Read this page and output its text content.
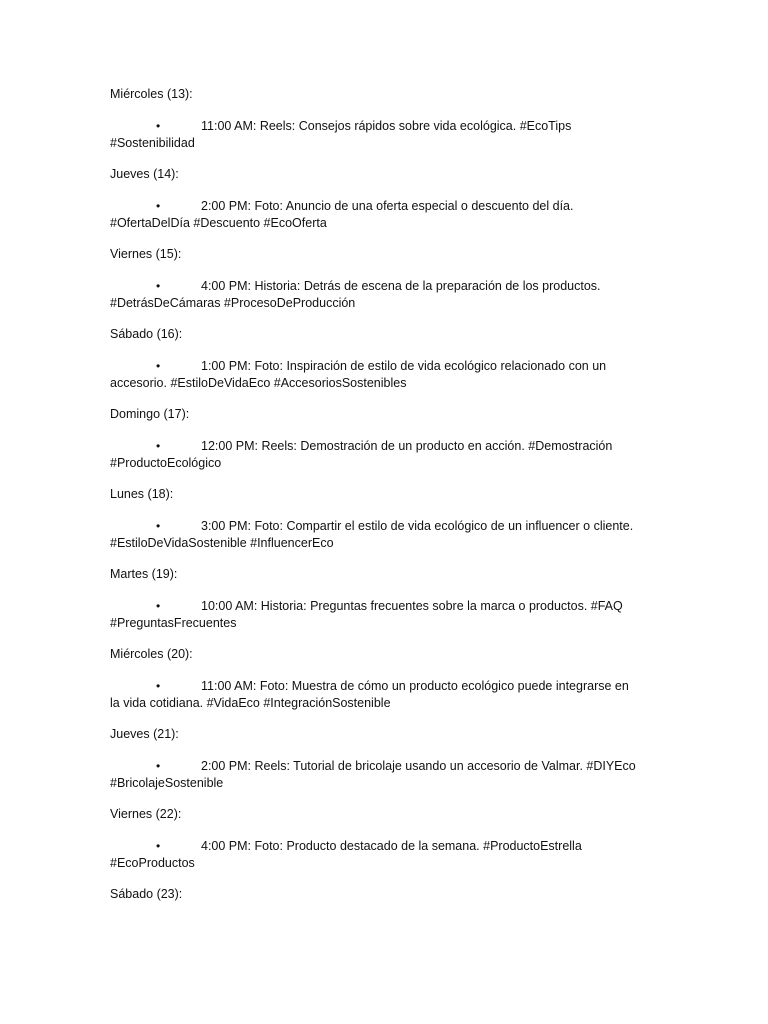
Miércoles (13):

•	11:00 AM: Reels: Consejos rápidos sobre vida ecológica. #EcoTips
#Sostenibilidad

Jueves (14):

•	2:00 PM: Foto: Anuncio de una oferta especial o descuento del día.
#OfertaDelDía #Descuento #EcoOferta

Viernes (15):

•	4:00 PM: Historia: Detrás de escena de la preparación de los productos.
#DetrásDeCámaras #ProcesoDeProducción

Sábado (16):

•	1:00 PM: Foto: Inspiración de estilo de vida ecológico relacionado con un
accesorio. #EstiloDeVidaEco #AccesoriosSostenibles

Domingo (17):

•	12:00 PM: Reels: Demostración de un producto en acción. #Demostración
#ProductoEcológico

Lunes (18):

•	3:00 PM: Foto: Compartir el estilo de vida ecológico de un influencer o cliente.
#EstiloDeVidaSostenible #InfluencerEco

Martes (19):

•	10:00 AM: Historia: Preguntas frecuentes sobre la marca o productos. #FAQ
#PreguntasFrecuentes

Miércoles (20):

•	11:00 AM: Foto: Muestra de cómo un producto ecológico puede integrarse en
la vida cotidiana. #VidaEco #IntegraciónSostenible

Jueves (21):

•	2:00 PM: Reels: Tutorial de bricolaje usando un accesorio de Valmar. #DIYEco
#BricolajeSostenible

Viernes (22):

•	4:00 PM: Foto: Producto destacado de la semana. #ProductoEstrella
#EcoProductos

Sábado (23):
